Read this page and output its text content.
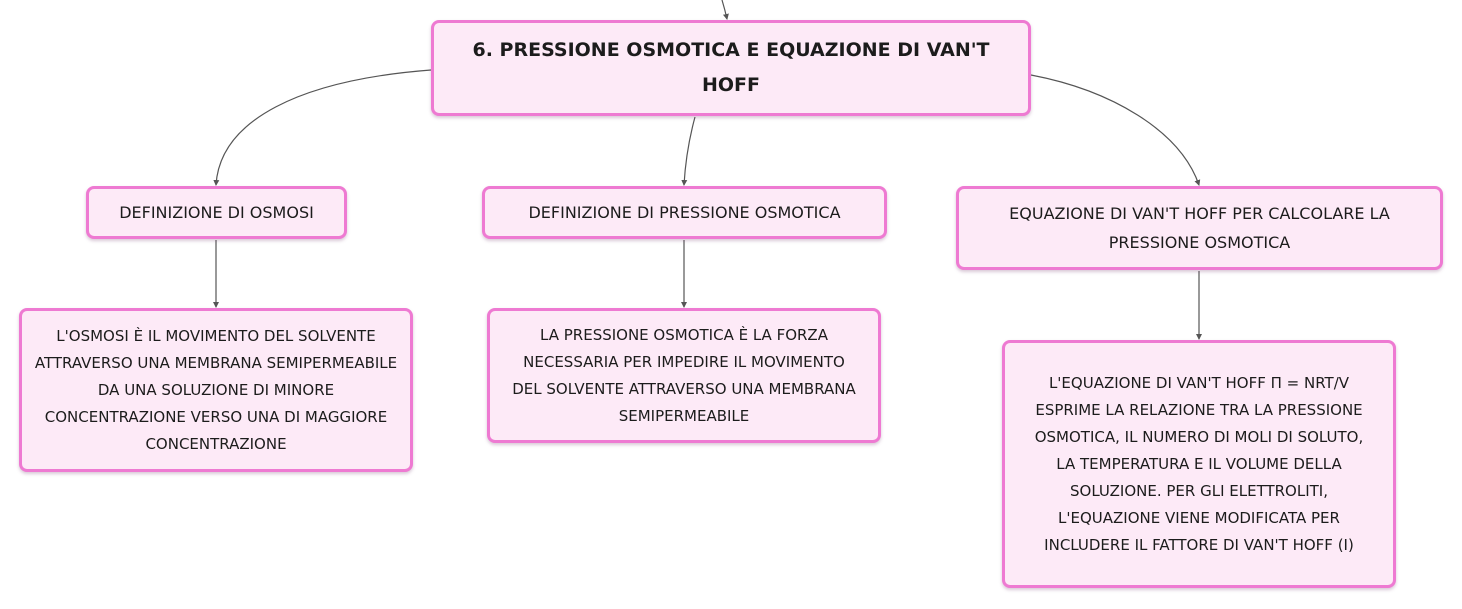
6. PRESSIONE OSMOTICA E EQUAZIONE DI VAN'T HOFF
DEFINIZIONE DI OSMOSI	DEFINIZIONE DI PRESSIONE OSMOTICA	EQUAZIONE DI VAN'T HOFF PER CALCOLARE LA PRESSIONE OSMOTICA
L'OSMOSI È IL MOVIMENTO DEL SOLVENTE ATTRAVERSO UNA MEMBRANA SEMIPERMEABILE DA UNA SOLUZIONE DI MINORE CONCENTRAZIONE VERSO UNA DI MAGGIORE CONCENTRAZIONE
LA PRESSIONE OSMOTICA È LA FORZA NECESSARIA PER IMPEDIRE IL MOVIMENTO DEL SOLVENTE ATTRAVERSO UNA MEMBRANA SEMIPERMEABILE
L'EQUAZIONE DI VAN'T HOFF Π = NRT/V ESPRIME LA RELAZIONE TRA LA PRESSIONE OSMOTICA, IL NUMERO DI MOLI DI SOLUTO, LA TEMPERATURA E IL VOLUME DELLA SOLUZIONE. PER GLI ELETTROLITI, L'EQUAZIONE VIENE MODIFICATA PER INCLUDERE IL FATTORE DI VAN'T HOFF (I)
